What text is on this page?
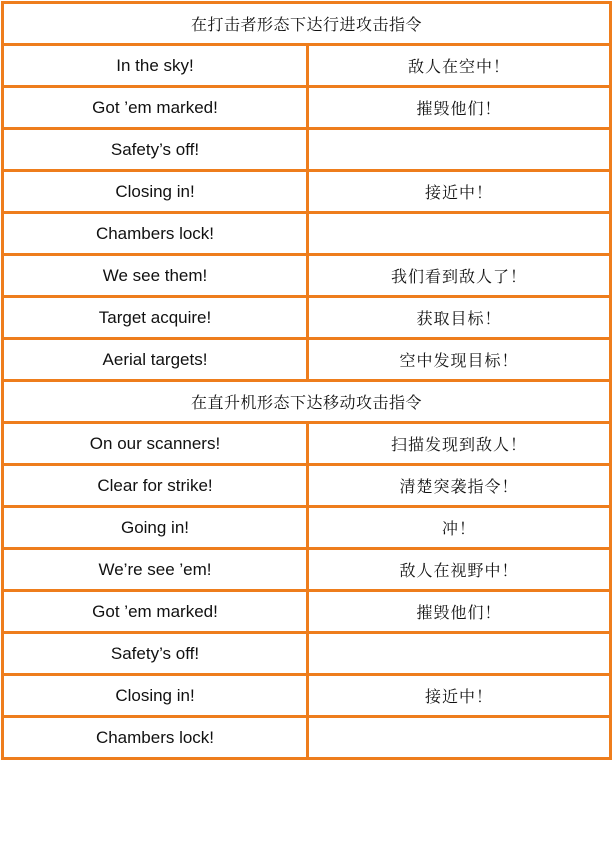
在打击者形态下达行进攻击指令	
In the sky!	敌人在空中！
Got ’em marked!	摧毁他们！
Safety’s off!	
Closing in!	接近中！
Chambers lock!	
We see them!	我们看到敌人了！
Target acquire!	获取目标！
Aerial targets!	空中发现目标！
在直升机形态下达移动攻击指令	
On our scanners!	扫描发现到敌人！
Clear for strike!	清楚突袭指令！
Going in!	冲！
We’re see ’em!	敌人在视野中！
Got ’em marked!	摧毁他们！
Safety’s off!	
Closing in!	接近中！
Chambers lock!	
